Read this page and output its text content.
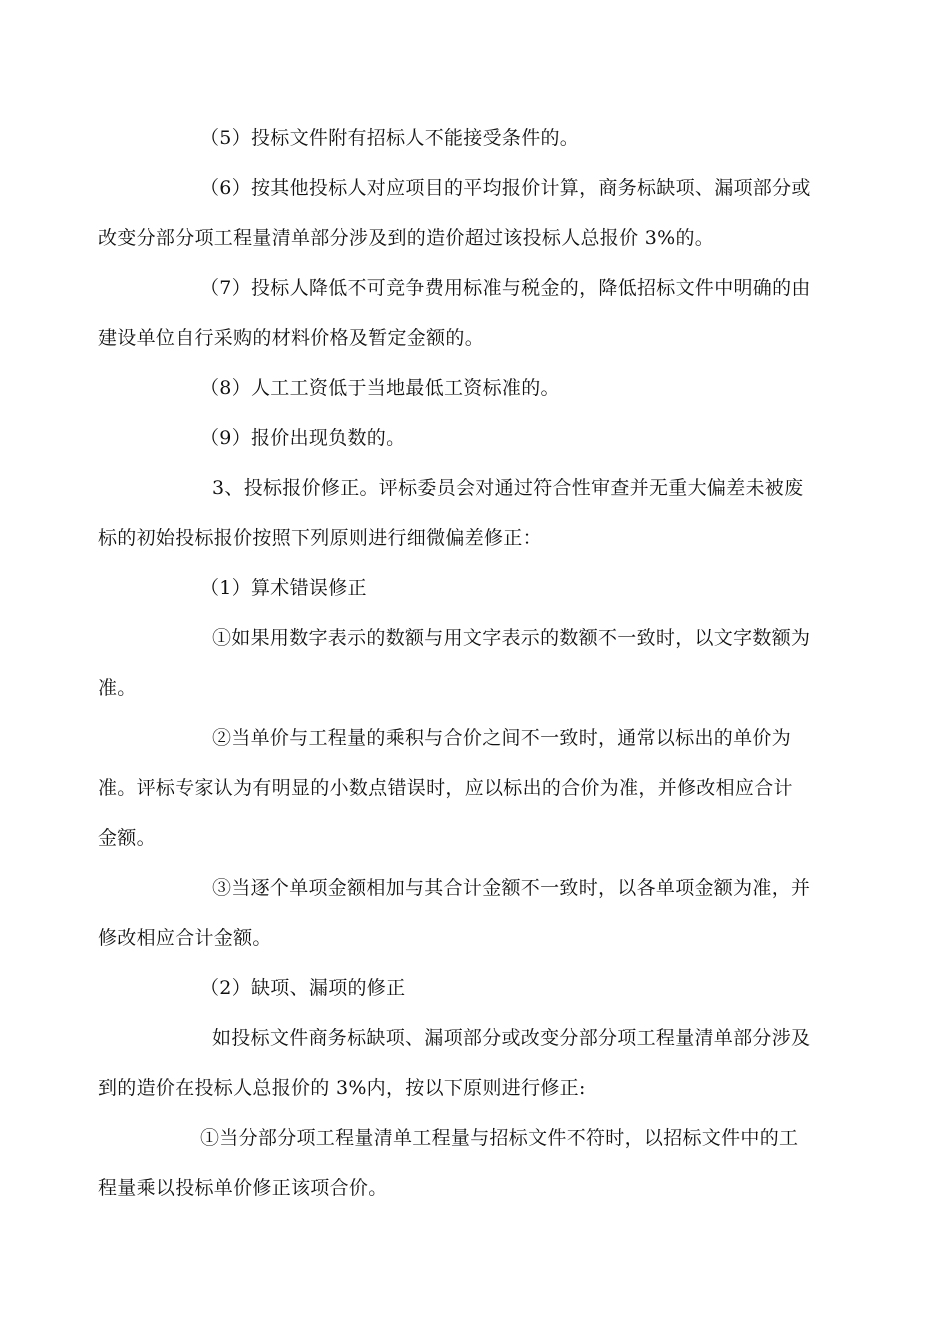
（5）投标文件附有招标人不能接受条件的。
（6）按其他投标人对应项目的平均报价计算，商务标缺项、漏项部分或
改变分部分项工程量清单部分涉及到的造价超过该投标人总报价 3%的。
（7）投标人降低不可竞争费用标准与税金的，降低招标文件中明确的由
建设单位自行采购的材料价格及暂定金额的。
（8）人工工资低于当地最低工资标准的。
（9）报价出现负数的。
3、投标报价修正。评标委员会对通过符合性审查并无重大偏差未被废
标的初始投标报价按照下列原则进行细微偏差修正：
（1）算术错误修正
①如果用数字表示的数额与用文字表示的数额不一致时，以文字数额为
准。
②当单价与工程量的乘积与合价之间不一致时，通常以标出的单价为
准。评标专家认为有明显的小数点错误时，应以标出的合价为准，并修改相应合计
金额。
③当逐个单项金额相加与其合计金额不一致时，以各单项金额为准，并
修改相应合计金额。
（2）缺项、漏项的修正
如投标文件商务标缺项、漏项部分或改变分部分项工程量清单部分涉及
到的造价在投标人总报价的 3%内，按以下原则进行修正:
①当分部分项工程量清单工程量与招标文件不符时，以招标文件中的工
程量乘以投标单价修正该项合价。
